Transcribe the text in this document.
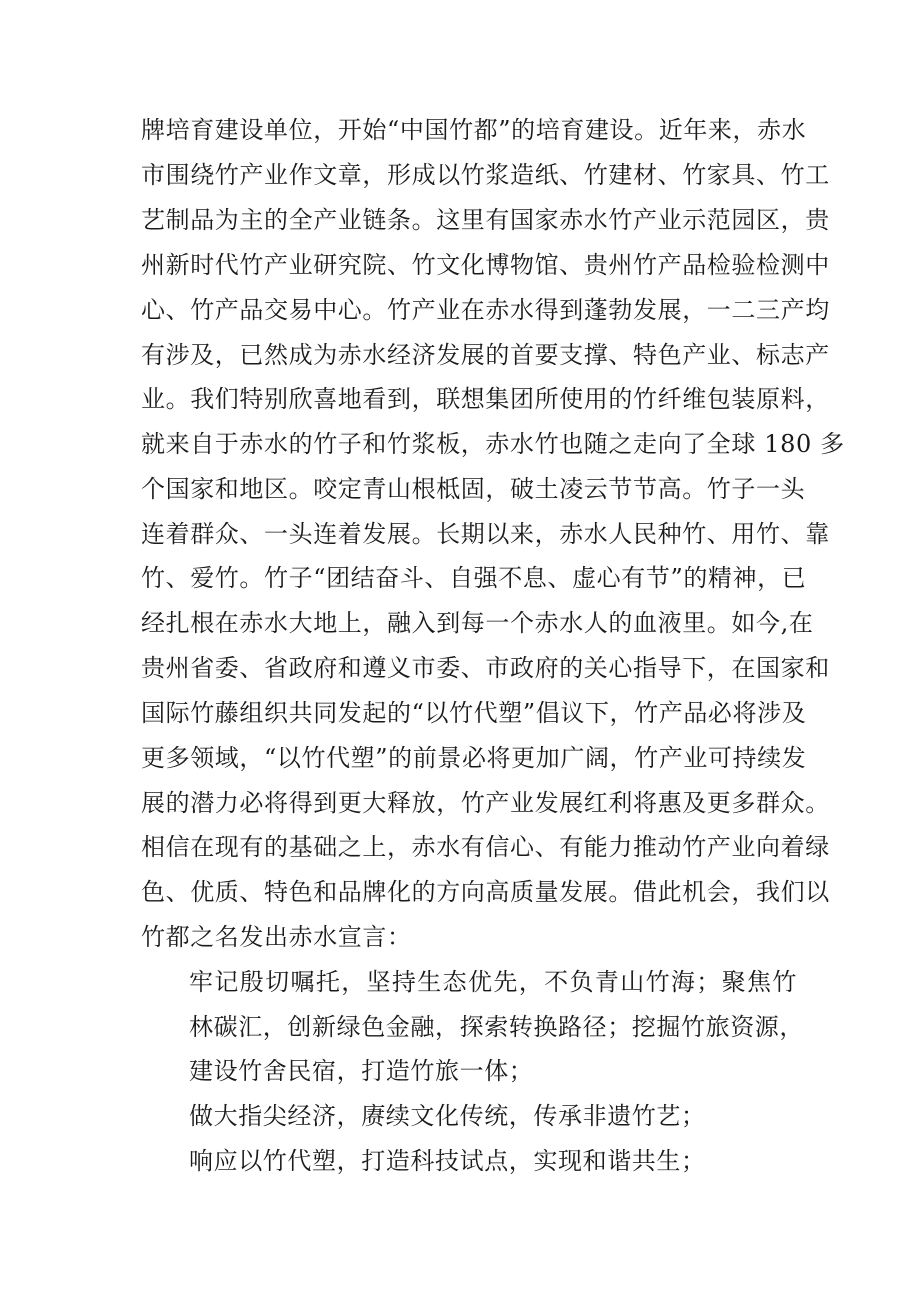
牌培育建设单位，开始“中国竹都”的培育建设。近年来，赤水
市围绕竹产业作文章，形成以竹浆造纸、竹建材、竹家具、竹工
艺制品为主的全产业链条。这里有国家赤水竹产业示范园区，贵
州新时代竹产业研究院、竹文化博物馆、贵州竹产品检验检测中
心、竹产品交易中心。竹产业在赤水得到蓬勃发展，一二三产均
有涉及，已然成为赤水经济发展的首要支撑、特色产业、标志产
业。我们特别欣喜地看到，联想集团所使用的竹纤维包装原料，
就来自于赤水的竹子和竹浆板，赤水竹也随之走向了全球 180 多
个国家和地区。咬定青山根柢固，破土凌云节节高。竹子一头
连着群众、一头连着发展。长期以来，赤水人民种竹、用竹、靠
竹、爱竹。竹子“团结奋斗、自强不息、虚心有节”的精神，已
经扎根在赤水大地上，融入到每一个赤水人的血液里。如今,在
贵州省委、省政府和遵义市委、市政府的关心指导下，在国家和
国际竹藤组织共同发起的“以竹代塑”倡议下，竹产品必将涉及
更多领域，“以竹代塑”的前景必将更加广阔，竹产业可持续发
展的潜力必将得到更大释放，竹产业发展红利将惠及更多群众。
相信在现有的基础之上，赤水有信心、有能力推动竹产业向着绿
色、优质、特色和品牌化的方向高质量发展。借此机会，我们以
竹都之名发出赤水宣言：
牢记殷切嘱托，坚持生态优先，不负青山竹海；聚焦竹
林碳汇，创新绿色金融，探索转换路径；挖掘竹旅资源，
建设竹舍民宿，打造竹旅一体；
做大指尖经济，赓续文化传统，传承非遗竹艺；
响应以竹代塑，打造科技试点，实现和谐共生；
